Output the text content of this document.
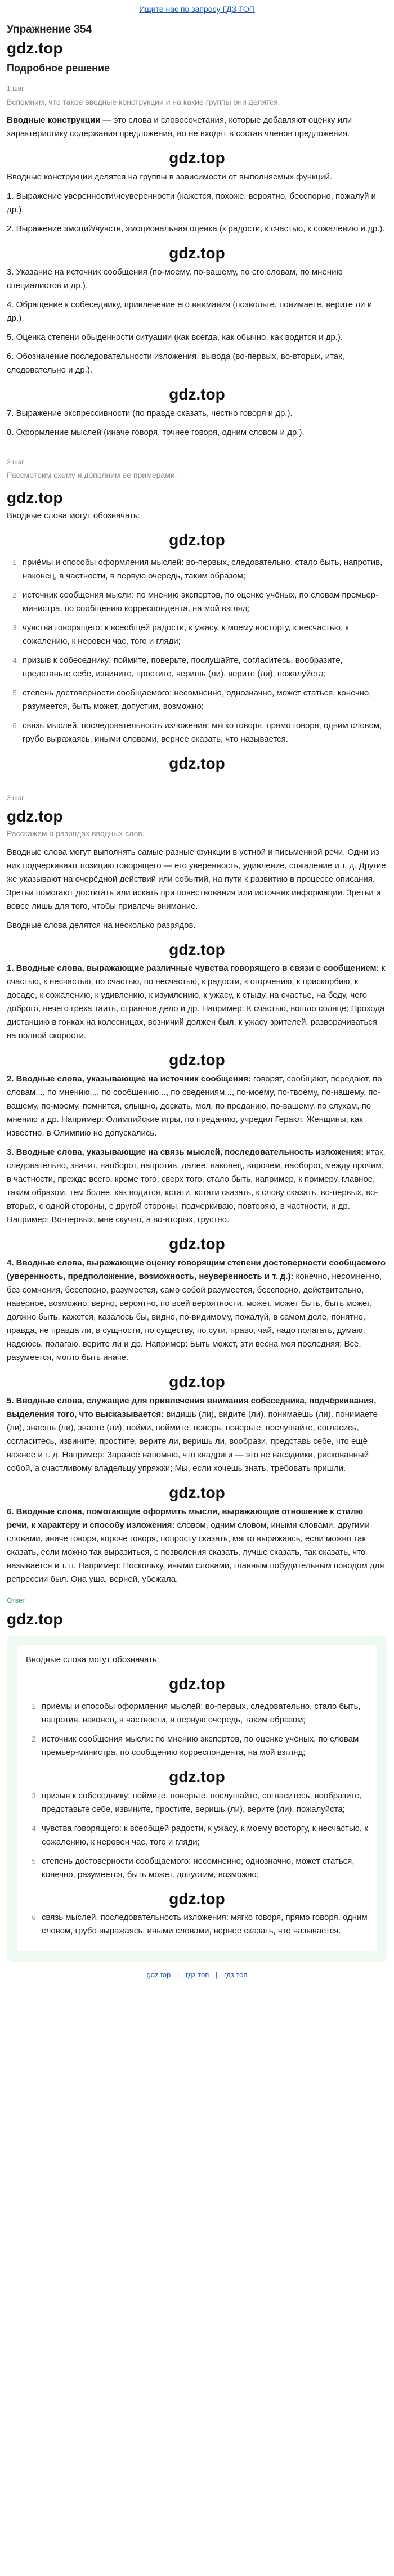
Ищите нас по запросу ГДЗ ТОП
Упражнение 354
gdz.top
Подробное решение
1 шаг
Вспомним, что такое вводные конструкции и на какие группы они делятся.

Вводные конструкции — это слова и словосочетания, которые добавляют оценку или характеристику содержания предложения, но не входят в состав членов предложения.

gdz.top

Вводные конструкции делятся на группы в зависимости от выполняемых функций.

1. Выражение уверенности\неуверенности (кажется, похоже, вероятно, бесспорно, пожалуй и др.).

2. Выражение эмоций/чувств, эмоциональная оценка (к радости, к счастью, к сожалению и др.).

gdz.top

3. Указание на источник сообщения (по-моему, по-вашему, по его словам, по мнению специалистов и др.).

4. Обращение к собеседнику, привлечение его внимания (позвольте, понимаете, верите ли и др.).

5. Оценка степени обыденности ситуации (как всегда, как обычно, как водится и др.).

6. Обозначение последовательности изложения, вывода (во-первых, во-вторых, итак, следовательно и др.).

gdz.top

7. Выражение экспрессивности (по правде сказать, честно говоря и др.).

8. Оформление мыслей (иначе говоря, точнее говоря, одним словом и др.).

2 шаг
Рассмотрим схему и дополним ее примерами.
gdz.top

Вводные слова могут обозначать:

gdz.top
1 приёмы и способы оформления мыслей: во-первых, следовательно, стало быть, напротив, наконец, в частности, в первую очередь, таким образом;
2 источник сообщения мысли: по мнению экспертов, по оценке учёных, по словам премьер-министра, по сообщению корреспондента, на мой взгляд;
3 чувства говорящего: к всеобщей радости, к ужасу, к моему восторгу, к несчастью, к сожалению, к неровен час, того и гляди;
4 призыв к собеседнику: поймите, поверьте, послушайте, согласитесь, вообразите, представьте себе, извините, простите, веришь (ли), верите (ли), пожалуйста;
5 степень достоверности сообщаемого: несомненно, однозначно, может статься, конечно, разумеется, быть может, допустим, возможно;
6 связь мыслей, последовательность изложения: мягко говоря, прямо говоря, одним словом, грубо выражаясь, иными словами, вернее сказать, что называется.
gdz.top
3 шаг
gdz.top
Расскажем о разрядах вводных слов.

Вводные слова могут выполнять самые разные функции в устной и письменной речи. Одни из них подчеркивают позицию говорящего — его уверенность, удивление, сожаление и т. д. Другие же указывают на очерёдной действий или событий, на пути к развитию в процессе описания. 3ретьи помогают достигать или искать при повествования или источник информации. 3ретьи и вовсе лишь для того, чтобы привлечь внимание.

Вводные слова делятся на несколько разрядов.

gdz.top

1. Вводные слова, выражающие различные чувства говорящего в связи с сообщением: к счастью, к несчастью, по счастью, по несчастью, к радости, к огорчению, к прискорбию, к досаде, к сожалению, к удивлению, к изумлению, к ужасу, к стыду, на счастье, на беду, чего доброго, нечего греха таить, странное дело и др. Например: К счастью, вошло солнце; Прохода дистанцию в гонках на колесницах, возничий должен был, к ужасу зрителей, разворачиваться на полной скорости.

gdz.top

2. Вводные слова, указывающие на источник сообщения: говорят, сообщают, передают, по словам..., по мнению..., по сообщению..., по сведениям..., по-моему, по-твоему, по-нашему, по-вашему, по-моему, помнится, слышно, дескать, мол, по преданию, по-вашему, по слухам, по мнению и др. Например: Олимпийские игры, по преданию, учредил Геракл; Женщины, как известно, в Олимпию не допускались.

3. Вводные слова, указывающие на связь мыслей, последовательность изложения: итак, следовательно, значит, наоборот, напротив, далее, наконец, впрочем, наоборот, между прочим, в частности, прежде всего, кроме того, сверх того, стало быть, например, к примеру, главное, таким образом, тем более, как водится, кстати, кстати сказать, к слову сказать, во-первых, во-вторых, с одной стороны, с другой стороны, подчеркиваю, повторяю, в частности, и др. Например: Во-первых, мне скучно, а во-вторых, грустно.

gdz.top

4. Вводные слова, выражающие оценку говорящим степени достоверности сообщаемого (уверенность, предположение, возможность, неуверенность и т. д.): конечно, несомненно, без сомнения, бесспорно, разумеется, само собой разумеется, бесспорно, действительно, наверное, возможно, верно, вероятно, по всей вероятности, может, может быть, быть может, должно быть, кажется, казалось бы, видно, по-видимому, пожалуй, в самом деле, понятно, правда, не правда ли, в сущности, по существу, по сути, право, чай, надо полагать, думаю, надеюсь, полагаю, верите ли и др. Например: Быть может, эти весна моя последняя; Всё, разумеется, могло быть иначе.

gdz.top

5. Вводные слова, служащие для привлечения внимания собеседника, подчёркивания, выделения того, что высказывается: видишь (ли), видите (ли), понимаешь (ли), понимаете (ли), знаешь (ли), знаете (ли), пойми, поймите, поверь, поверьте, послушайте, согласись, согласитесь, извините, простите, верите ли, веришь ли, вообрази, представь себе, что ещё важнее и т. д. Например: Заранее напомню, что квадриги — это не наездники, рискованный собой, а счастливому владельцу упряжки; Мы, если хочешь знать, требовать пришли.

gdz.top

6. Вводные слова, помогающие оформить мысли, выражающие отношение к стилю речи, к характеру и способу изложения: словом, одним словом, иными словами, другими словами, иначе говоря, короче говоря, попросту сказать, мягко выражаясь, если можно так сказать, если можно так выразиться, с позволения сказать, лучше сказать, так сказать, что называется и т. п. Например: Поскольку, иными словами, главным побудительным поводом для репрессии был. Она уша, верней, убежала.

Ответ
gdz.top

Вводные слова могут обозначать:

gdz.top
1 приёмы и способы оформления мыслей: во-первых, следовательно, стало быть, напротив, наконец, в частности, в первую очередь, таким образом;
2 источник сообщения мысли: по мнению экспертов, по оценке учёных, по словам премьер-министра, по сообщению корреспондента, на мой взгляд;
gdz.top
3 призыв к собеседнику: поймите, поверьте, послушайте, согласитесь, вообразите, представьте себе, извините, простите, веришь (ли), верите (ли), пожалуйста;
4 чувства говорящего: к всеобщей радости, к ужасу, к моему восторгу, к несчастью, к сожалению, к неровен час, того и гляди;
5 степень достоверности сообщаемого: несомненно, однозначно, может статься, конечно, разумеется, быть может, допустим, возможно;
gdz.top
6 связь мыслей, последовательность изложения: мягко говоря, прямо говоря, одним словом, грубо выражаясь, иными словами, вернее сказать, что называется.
gdz top | гдз топ | гдз топ
